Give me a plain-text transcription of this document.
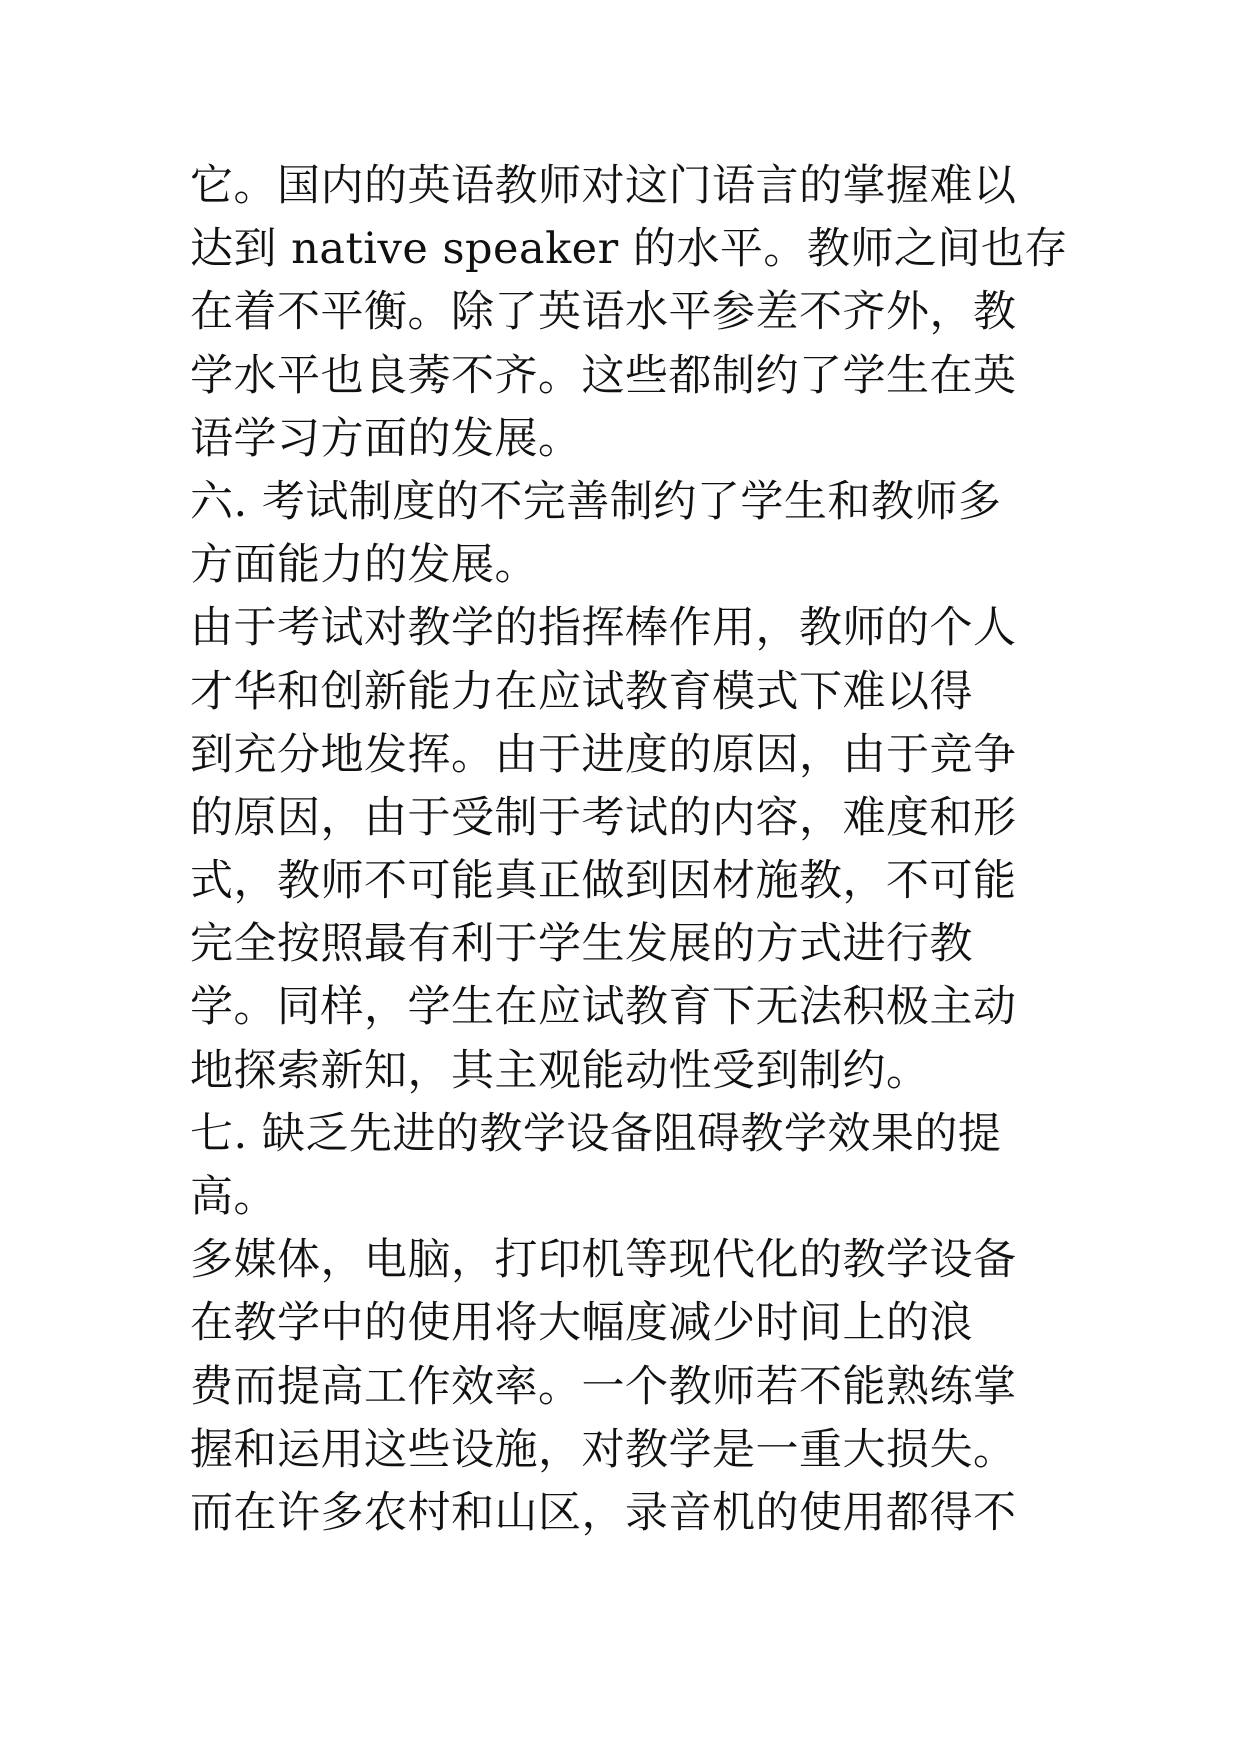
它。国内的英语教师对这门语言的掌握难以
达到 native speaker 的水平。教师之间也存
在着不平衡。除了英语水平参差不齐外，教
学水平也良莠不齐。这些都制约了学生在英
语学习方面的发展。
六. 考试制度的不完善制约了学生和教师多
方面能力的发展。
由于考试对教学的指挥棒作用，教师的个人
才华和创新能力在应试教育模式下难以得
到充分地发挥。由于进度的原因，由于竞争
的原因，由于受制于考试的内容，难度和形
式，教师不可能真正做到因材施教，不可能
完全按照最有利于学生发展的方式进行教
学。同样，学生在应试教育下无法积极主动
地探索新知，其主观能动性受到制约。
七. 缺乏先进的教学设备阻碍教学效果的提
高。
多媒体，电脑，打印机等现代化的教学设备
在教学中的使用将大幅度减少时间上的浪
费而提高工作效率。一个教师若不能熟练掌
握和运用这些设施，对教学是一重大损失。
而在许多农村和山区，录音机的使用都得不
